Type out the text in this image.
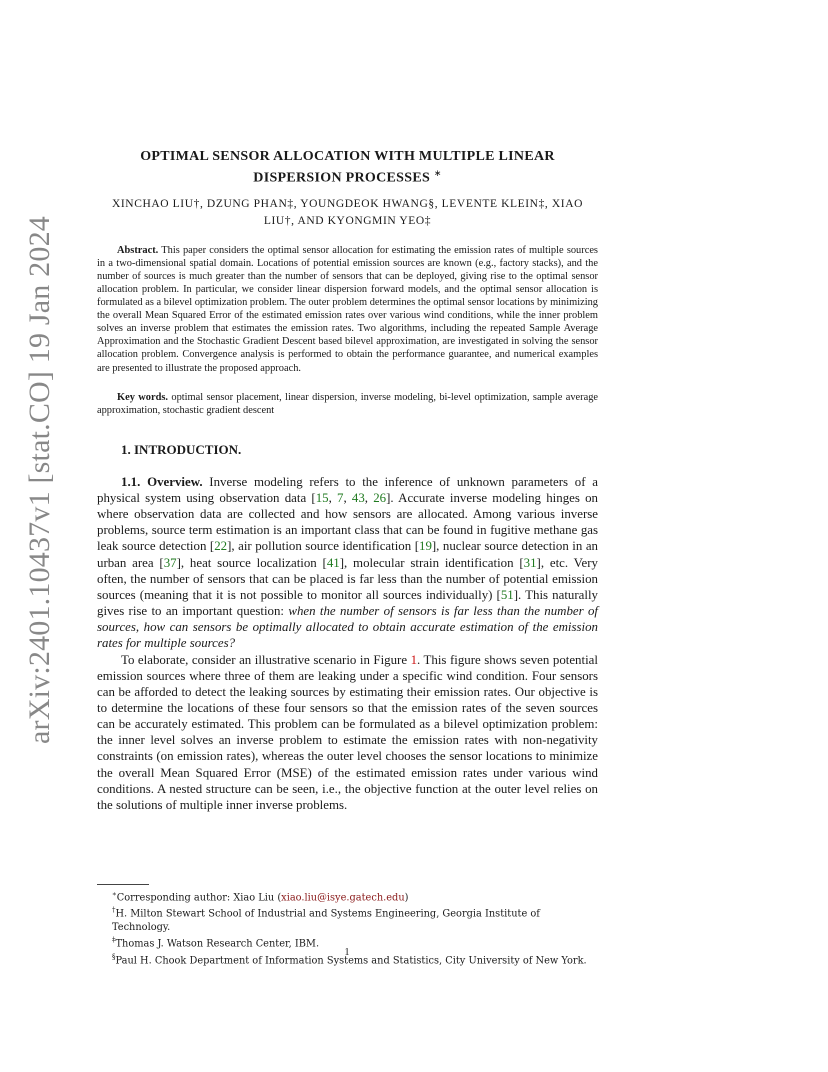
arXiv:2401.10437v1 [stat.CO] 19 Jan 2024
OPTIMAL SENSOR ALLOCATION WITH MULTIPLE LINEAR
DISPERSION PROCESSES ∗
XINCHAO LIU†, DZUNG PHAN‡, YOUNGDEOK HWANG§, LEVENTE KLEIN‡, XIAO
LIU†, AND KYONGMIN YEO‡

Abstract. This paper considers the optimal sensor allocation for estimating the emission rates of multiple sources in a two-dimensional spatial domain. Locations of potential emission sources are known (e.g., factory stacks), and the number of sources is much greater than the number of sensors that can be deployed, giving rise to the optimal sensor allocation problem. In particular, we consider linear dispersion forward models, and the optimal sensor allocation is formulated as a bilevel optimization problem. The outer problem determines the optimal sensor locations by minimizing the overall Mean Squared Error of the estimated emission rates over various wind conditions, while the inner problem solves an inverse problem that estimates the emission rates. Two algorithms, including the repeated Sample Average Approximation and the Stochastic Gradient Descent based bilevel approximation, are investigated in solving the sensor allocation problem. Convergence analysis is performed to obtain the performance guarantee, and numerical examples are presented to illustrate the proposed approach.

Key words. optimal sensor placement, linear dispersion, inverse modeling, bi-level optimization, sample average approximation, stochastic gradient descent

1. INTRODUCTION.

1.1. Overview. Inverse modeling refers to the inference of unknown parameters of a physical system using observation data [15, 7, 43, 26]. Accurate inverse modeling hinges on where observation data are collected and how sensors are allocated. Among various inverse problems, source term estimation is an important class that can be found in fugitive methane gas leak source detection [22], air pollution source identification [19], nuclear source detection in an urban area [37], heat source localization [41], molecular strain identification [31], etc. Very often, the number of sensors that can be placed is far less than the number of potential emission sources (meaning that it is not possible to monitor all sources individually) [51]. This naturally gives rise to an important question: when the number of sensors is far less than the number of sources, how can sensors be optimally allocated to obtain accurate estimation of the emission rates for multiple sources?

To elaborate, consider an illustrative scenario in Figure 1. This figure shows seven potential emission sources where three of them are leaking under a specific wind condition. Four sensors can be afforded to detect the leaking sources by estimating their emission rates. Our objective is to determine the locations of these four sensors so that the emission rates of the seven sources can be accurately estimated. This problem can be formulated as a bilevel optimization problem: the inner level solves an inverse problem to estimate the emission rates with non-negativity constraints (on emission rates), whereas the outer level chooses the sensor locations to minimize the overall Mean Squared Error (MSE) of the estimated emission rates under various wind conditions. A nested structure can be seen, i.e., the objective function at the outer level relies on the solutions of multiple inner inverse problems.

∗Corresponding author: Xiao Liu (xiao.liu@isye.gatech.edu)
†H. Milton Stewart School of Industrial and Systems Engineering, Georgia Institute of Technology.
‡Thomas J. Watson Research Center, IBM.
§Paul H. Chook Department of Information Systems and Statistics, City University of New York.
1
